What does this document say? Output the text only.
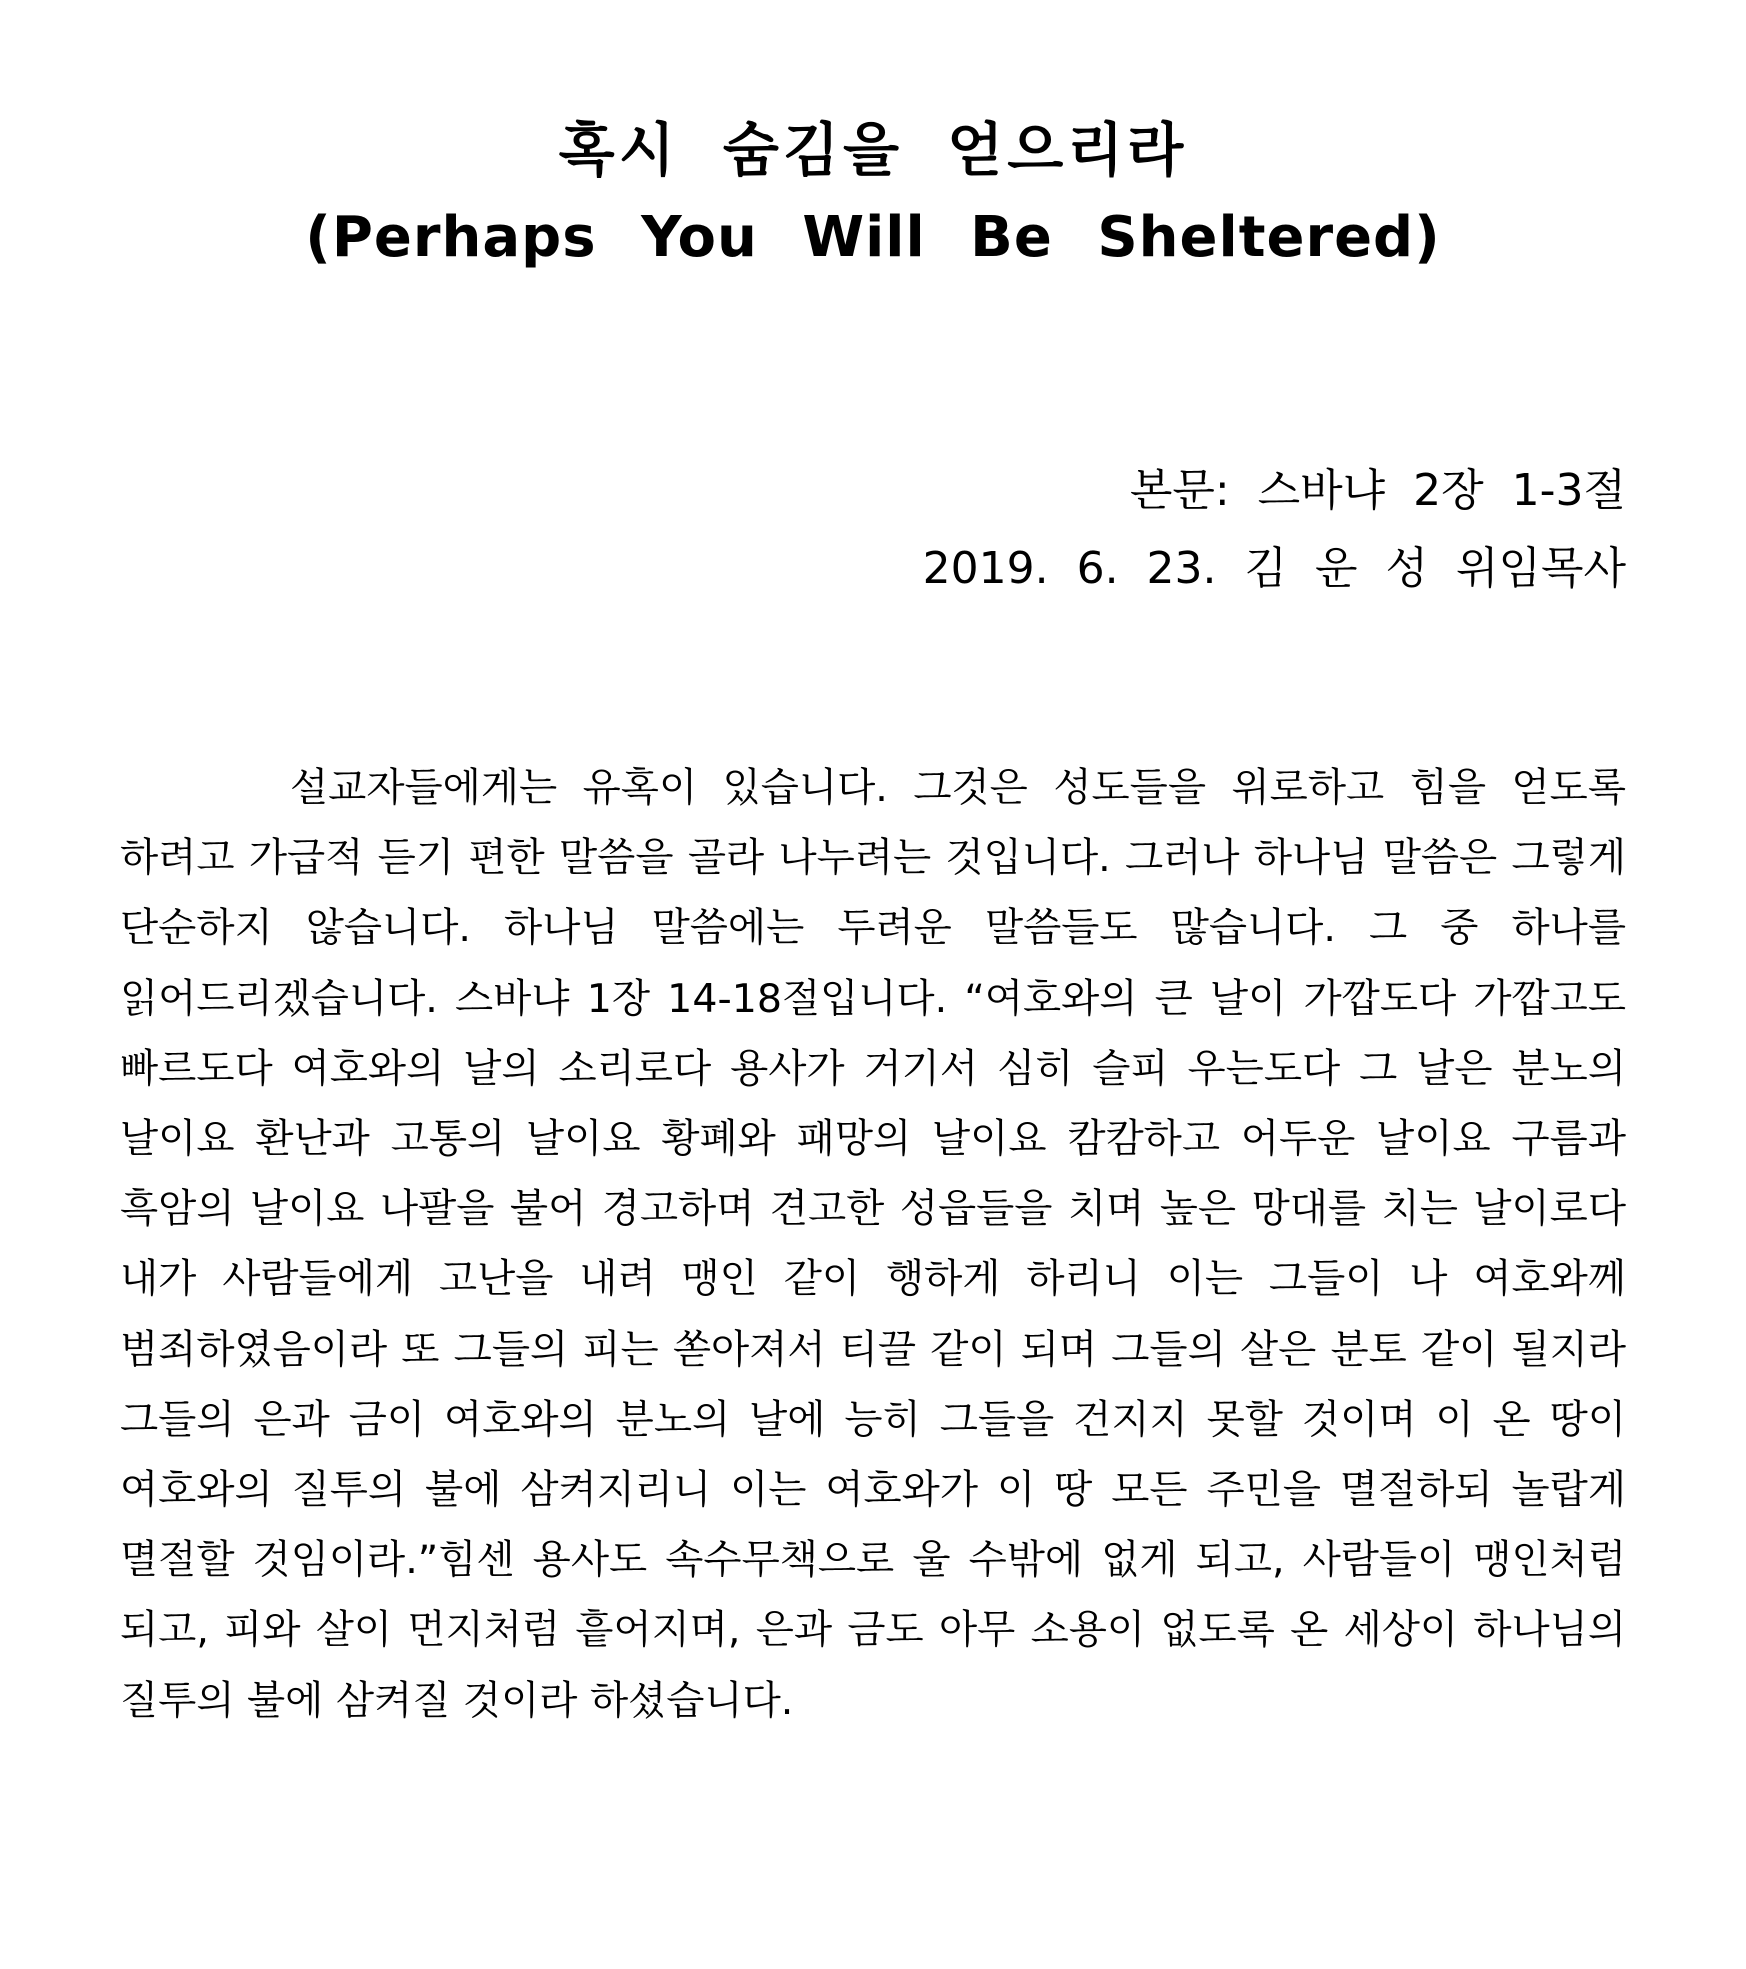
혹시 숨김을 얻으리라
(Perhaps You Will Be Sheltered)
본문: 스바냐 2장 1-3절
2019. 6. 23. 김 운 성 위임목사

설교자들에게는 유혹이 있습니다. 그것은 성도들을 위로하고 힘을 얻도록 하려고 가급적 듣기 편한 말씀을 골라 나누려는 것입니다. 그러나 하나님 말씀은 그렇게 단순하지 않습니다. 하나님 말씀에는 두려운 말씀들도 많습니다. 그 중 하나를 읽어드리겠습니다. 스바냐 1장 14-18절입니다. “여호와의 큰 날이 가깝도다 가깝고도 빠르도다 여호와의 날의 소리로다 용사가 거기서 심히 슬피 우는도다 그 날은 분노의 날이요 환난과 고통의 날이요 황폐와 패망의 날이요 캄캄하고 어두운 날이요 구름과 흑암의 날이요 나팔을 불어 경고하며 견고한 성읍들을 치며 높은 망대를 치는 날이로다 내가 사람들에게 고난을 내려 맹인 같이 행하게 하리니 이는 그들이 나 여호와께 범죄하였음이라 또 그들의 피는 쏟아져서 티끌 같이 되며 그들의 살은 분토 같이 될지라 그들의 은과 금이 여호와의 분노의 날에 능히 그들을 건지지 못할 것이며 이 온 땅이 여호와의 질투의 불에 삼켜지리니 이는 여호와가 이 땅 모든 주민을 멸절하되 놀랍게 멸절할 것임이라.”힘센 용사도 속수무책으로 울 수밖에 없게 되고, 사람들이 맹인처럼 되고, 피와 살이 먼지처럼 흩어지며, 은과 금도 아무 소용이 없도록 온 세상이 하나님의 질투의 불에 삼켜질 것이라 하셨습니다.
